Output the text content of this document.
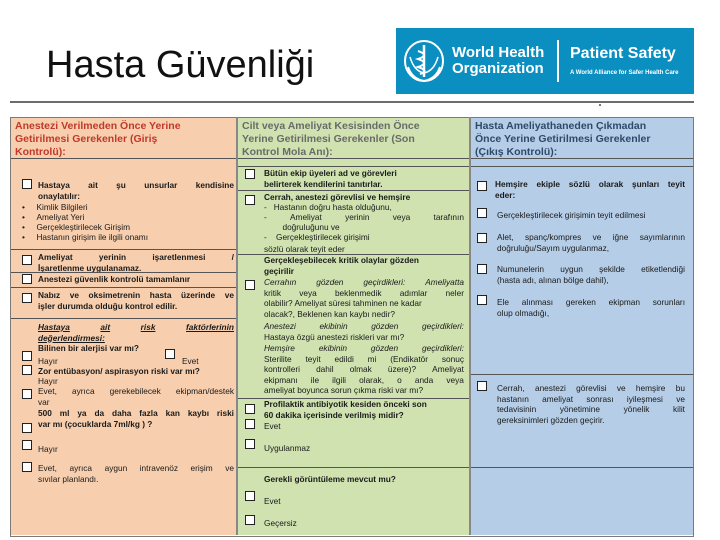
Hasta Güvenliği	World Health
Organization
Patient Safety
A World Alliance for Safer Health Care
Anestezi Verilmeden Önce Yerine
Getirilmesi Gerekenler (Giriş
Kontrolü):
Hastaya ait şu unsurlar kendisine
onaylatılır:
•     Kimlik Bilgileri
•     Ameliyat Yeri
•     Gerçekleştirilecek Girişim
•     Hastanın girişim ile ilgili onamı
Ameliyat	yerinin	işaretlenmesi	/
İşaretlenme uygulanamaz.
Anestezi güvenlik kontrolü tamamlanır
Nabız ve oksimetrenin hasta üzerinde ve
işler durumda olduğu kontrol edilir.
Hastaya	ait	risk	faktörlerinin
değerlendirmesi:
Bilinen bir alerjisi var mı?
Hayır	Evet
Zor entübasyon/ aspirasyon riski var mı?
Hayır
Evet, ayrıca gerekebilecek ekipman/destek
var
500 ml ya da daha fazla kan kaybı riski
var mı (çocuklarda 7ml/kg ) ?
Hayır
Evet, ayrıca aygun intravenöz erişim ve
sıvılar planlandı.
Cilt veya Ameliyat Kesisinden Önce
Yerine Getirilmesi Gerekenler (Son
Kontrol Mola Anı):
Bütün ekip üyeleri ad ve görevleri
belirterek kendilerini tanıtırlar.
Cerrah, anestezi görevlisi ve hemşire
-   Hastanın doğru hasta olduğunu,
-	Ameliyat	yerinin	veya	tarafının
doğruluğunu ve
-    Gerçekleştirilecek girişimi
sözlü olarak teyit eder
Gerçekleşebilecek kritik olaylar gözden
geçirilir
Cerrahın gözden geçirdikleri: Ameliyatta
kritik veya beklenmedik adımlar neler
olabilir? Ameliyat süresi tahminen ne kadar
olacak?, Beklenen kan kaybı nedir?
Anestezi	ekibinin	gözden	geçirdikleri:
Hastaya özgü anestezi riskleri var mı?
Hemşire	ekibinin	gözden	geçirdikleri:
Sterilite teyit edildi mi (Endikatör sonuç
kontrolleri dahil olmak üzere)? Ameliyat
ekipmanı ile ilgili olarak, o anda veya
ameliyat boyunca sorun çıkma riski var mı?
Profilaktik antibiyotik kesiden önceki son
60 dakika içerisinde verilmiş midir?
Evet
Uygulanmaz
Gerekli görüntüleme mevcut mu?
Evet
Geçersiz
Hasta Ameliyathaneden Çıkmadan
Önce Yerine Getirilmesi Gerekenler
(Çıkış Kontrolü):
Hemşire ekiple sözlü olarak şunları teyit
eder:
Gerçekleştirilecek girişimin teyit edilmesi
Alet, spanç/kompres ve iğne sayımlarının
doğruluğu/Sayım uygulanmaz,
Numunelerin uygun şekilde etiketlendiği
(hasta adı, alınan bölge dahil),
Ele alınması gereken ekipman sorunları
olup olmadığı,
Cerrah, anestezi görevlisi ve hemşire bu
hastanın ameliyat sonrası iyileşmesi ve
tedavisinin	yönetimine	yönelik	kilit
gereksinimleri gözden geçirir.
